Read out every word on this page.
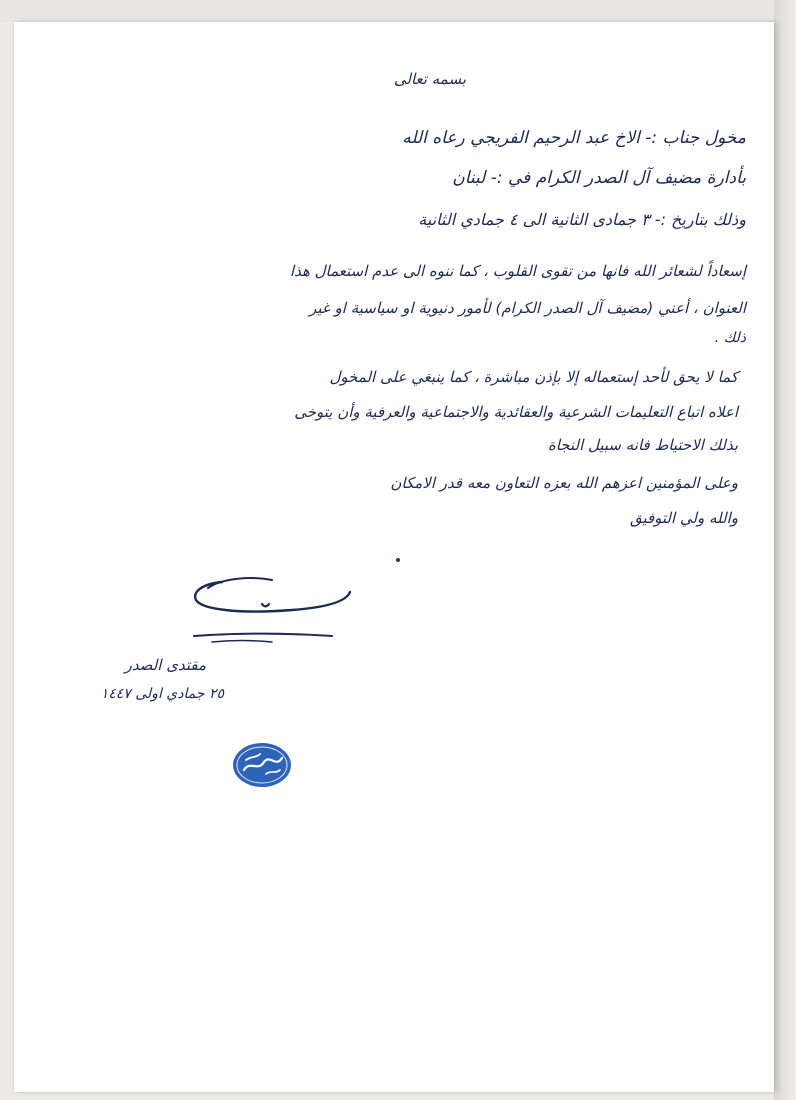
بسمه تعالى
مخول جناب :- الاخ عبد الرحيم الفريجي رعاه الله
بأدارة مضيف آل الصدر الكرام في :- لبنان
وذلك بتاريخ :- ٣ جمادى الثانية الى ٤ جمادي الثانية
إسعاداً لشعائر الله فانها من تقوى القلوب ، كما ننوه الى عدم استعمال هذا
العنوان ، أعني (مضيف آل الصدر الكرام) لأمور دنيوية او سياسية او غير
ذلك .
كما لا يحق لأحد إستعماله إلا بإذن مباشرة ، كما ينبغي على المخول
اعلاه اتباع التعليمات الشرعية والعقائدية والاجتماعية والعرفية وأن يتوخى
بذلك الاحتياط فانه سبيل النجاة
وعلى المؤمنين اعزهم الله بعزه التعاون معه قدر الامكان
والله ولي التوفيق
مقتدى الصدر
٢٥ جمادي اولى ١٤٤٧
